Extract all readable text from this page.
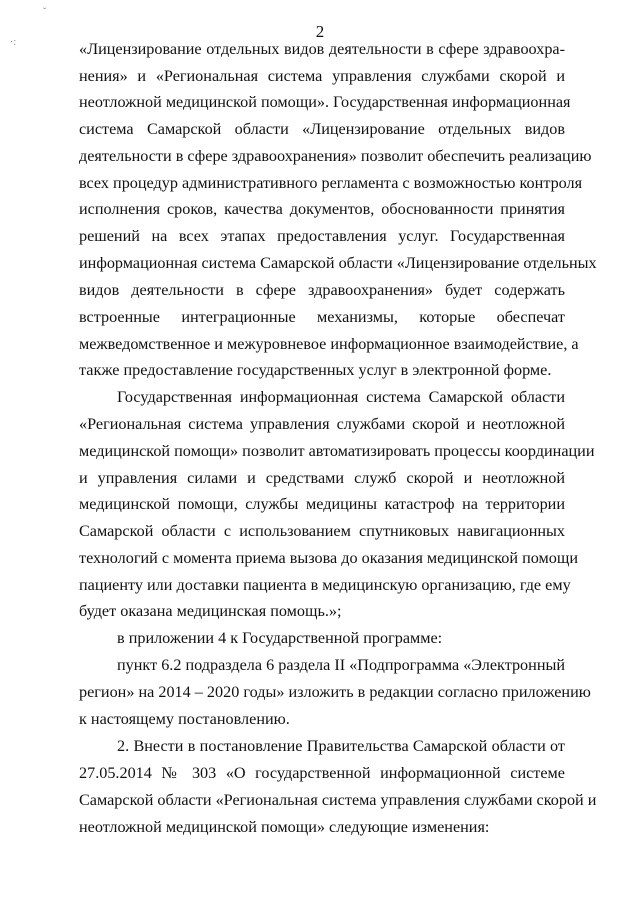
ˇ
·:
2
«Лицензирование отдельных видов деятельности в сфере здравоохра-
нения» и «Региональная система управления службами скорой и
неотложной медицинской помощи». Государственная информационная
система Самарской области «Лицензирование отдельных видов
деятельности в сфере здравоохранения» позволит обеспечить реализацию
всех процедур административного регламента с возможностью контроля
исполнения сроков, качества документов, обоснованности принятия
решений на всех этапах предоставления услуг. Государственная
информационная система Самарской области «Лицензирование отдельных
видов деятельности в сфере здравоохранения» будет содержать
встроенные интеграционные механизмы, которые обеспечат
межведомственное и межуровневое информационное взаимодействие, а
также предоставление государственных услуг в электронной форме.
Государственная информационная система Самарской области
«Региональная система управления службами скорой и неотложной
медицинской помощи» позволит автоматизировать процессы координации
и управления силами и средствами служб скорой и неотложной
медицинской помощи, службы медицины катастроф на территории
Самарской области с использованием спутниковых навигационных
технологий с момента приема вызова до оказания медицинской помощи
пациенту или доставки пациента в медицинскую организацию, где ему
будет оказана медицинская помощь.»;
в приложении 4 к Государственной программе:
пункт 6.2 подраздела 6 раздела II «Подпрограмма «Электронный
регион» на 2014 – 2020 годы» изложить в редакции согласно приложению
к настоящему постановлению.
2. Внести в постановление Правительства Самарской области от
27.05.2014 № 303 «О государственной информационной системе
Самарской области «Региональная система управления службами скорой и
неотложной медицинской помощи» следующие изменения:
